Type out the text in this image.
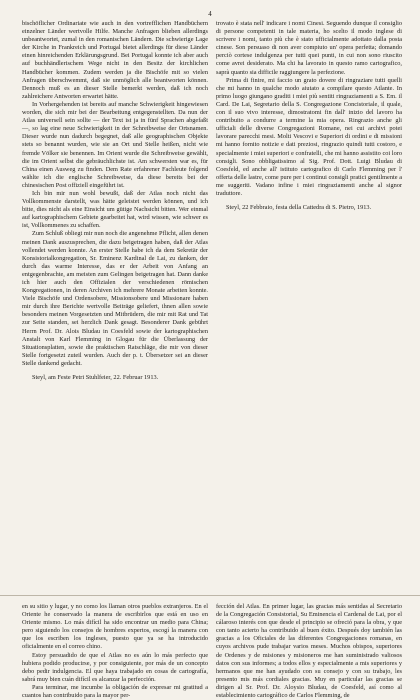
4

bischöflicher Ordinariate wie auch in den vortrefflichen Handbüchern einzelner Länder wertvolle Hilfe. Manche Anfragen blieben allerdings unbeantwortet, zumal in den romanischen Ländern. Die schwierige Lage der Kirche in Frankreich und Portugal bietet allerdings für diese Länder einen hinreichenden Erklärungsgrund. Bei Portugal konnte ich aber auch auf buchhändlerischem Wege nicht in den Besitz der kirchlichen Handbücher kommen. Zudem werden ja die Bischöfe mit so vielen Anfragen überschwemmt, daß sie unmöglich alle beantworten können. Dennoch muß es an dieser Stelle bemerkt werden, daß ich noch zahlreichere Antworten erwartet hätte.

In Vorhergehenden ist bereits auf manche Schwierigkeit hingewiesen worden, die sich mir bei der Bearbeitung entgegenstellten. Da nun der Atlas universell sein sollte — der Text ist ja in fünf Sprachen abgefaßt —, so lag eine neue Schwierigkeit in der Schreibweise der Ortsnamen. Dieser wurde nun dadurch begegnet, daß alle geographischen Objekte stets so benannt wurden, wie sie an Ort und Stelle heißen, nicht wie fremde Völker sie benennen. Im Orient wurde die Schreibweise gewählt, die im Orient selbst die gebräuchlichste ist. Am schwersten war es, für China einen Ausweg zu finden. Dem Rate erfahrener Fachleute folgend wählte ich die englische Schreibweise, da diese bereits bei der chinesischen Post offiziell eingeführt ist.

Ich bin mir nun wohl bewußt, daß der Atlas noch nicht das Vollkommenste darstellt, was hätte geleistet werden können, und ich bitte, dies nicht als eine Einsicht um gütige Nachsicht bitten. Wer einmal auf kartographischem Gebiete gearbeitet hat, wird wissen, wie schwer es ist, Vollkommenes zu schaffen.

Zum Schluß obliegt mir nun noch die angenehme Pflicht, allen denen meinen Dank auszusprechen, die dazu beigetragen haben, daß der Atlas vollendet werden konnte. An erster Stelle habe ich da dem Sekretär der Konsistorialkongregation, Sr. Eminenz Kardinal de Lai, zu danken, der durch das warme Interesse, das er der Arbeit von Anfang an entgegenbrachte, am meisten zum Gelingen beigetragen hat. Dann danke ich hier auch den Offizialen der verschiedenen römischen Kongregationen, in deren Archiven ich mehrere Monate arbeiten konnte. Viele Bischöfe und Ordensobere, Missionsobere und Missionare haben mir durch ihre Berichte wertvolle Beiträge geliefert, ihnen allen sowie besonders meinen Vorgesetzten und Mitbrüdern, die mir mit Rat und Tat zur Seite standen, sei herzlich Dank gesagt. Besonderer Dank gebührt Herrn Prof. Dr. Alois Bludau in Coesfeld sowie der kartographischen Anstalt von Karl Flemming in Glogau für die Überlassung der Situationsplatten, sowie die praktischen Ratschläge, die mir von dieser Stelle fortgesetzt zuteil wurden. Auch der p. t. Übersetzer sei an dieser Stelle dankend gedacht.

Steyl, am Feste Petri Stuhlfeier, 22. Februar 1913.

trovato è stata nell' indicare i nomi Cinesi. Seguendo dunque il consiglio di persone competenti in tale materia, ho scelto il modo inglese di scrivere i nomi, tanto più che è stato ufficialmente adottato dalla posta cinese. Son persuaso di non aver compiuto un' opera perfetta; domando perciò cortese indulgenza per tutti quei punti, in cui non sono riuscito come avrei desiderato. Ma chi ha lavorato in questo ramo cartografico, saprà quanto sia difficile raggiungere la perfezione.

Prima di finire, mi faccio un grato dovere di ringraziare tutti quelli che mi hanno in qualche modo aiutato a compilare questo Atlante. In primo luogo giungano graditi i miei più sentiti ringraziamenti a S. Em. il Card. De Lai, Segretario della S. Congregazione Concistoriale, il quale, con il suo vivo interesse, dimostratomi fin dall' inizio del lavoro ha contribuito a condurre a termine la mia opera. Ringrazio anche gli ufficiali delle diverse Congregazioni Romane, nei cui archivi potei lavorare parecchi mesi. Molti Vescovi e Superiori di ordini e di missioni mi hanno fornito notizie e dati preziosi, ringrazio quindi tutti costoro, e specialmente i miei superiori e confratelli, che mi hanno assistito coi loro consigli. Sono obbligatissimo al Sig. Prof. Dott. Luigi Bludau di Coesfeld, ed anche all' istituto cartografico di Carlo Flemming per l' offerta delle lastre, come pure per i continui consigli pratici gentilmente a me suggeriti. Vadano infine i miei ringraziamenti anche al signor traduttore.

Steyl, 22 Febbraio, festa della Cattedra di S. Pietro, 1913.

en su sitio y lugar, y no como los llaman otros pueblos extranjeros. En el Oriente he conservado la manera de escribirlos que está en uso en Oriente mismo. Lo más difícil ha sido encontrar un medio para China; pero siguiendo los consejos de hombres expertos, escogí la manera con que los escriben los ingleses, puesto que ya se ha introducido oficialmente en el correo chino.

Estoy persuadido de que el Atlas no es aún lo más perfecto que hubiera podido producirse, y por consiguiente, por más de un concepto debo pedir indulgencia. El que haya trabajado en cosas de cartografía, sabrá muy bien cuán difícil es alcanzar la perfección.

Para terminar, me incumbe la obligación de expresar mi gratitud a cuantos han contribuido para la mayor per-

fección del Atlas. En primer lugar, las gracias más sentidas al Secretario de la Congregación Consistorial, Su Eminencia el Cardenal de Lai, por el cálaroso interés con que desde el principio se ofreció para la obra, y que con tanto acierto ha contribuido al buen éxito. Después doy también las gracias a los Oficiales de las diferentes Congregaciones romanas, en cuyos archivos pude trabajar varios meses. Muchos obispos, superiores de Ordenes y de misiones y misioneros me han suministrado valiosos datos con sus informes; a todos ellos y especialmente a mis superiores y hermanos que me han ayudado con su consejo y con su trabajo, les presento mis más cordiales gracias. Muy en particular las gracias se dirigen al Sr. Prof. Dr. Aloysio Bludau, de Coesfeld, así como al establecimiento cartográfico de Carlos Flemming, de
